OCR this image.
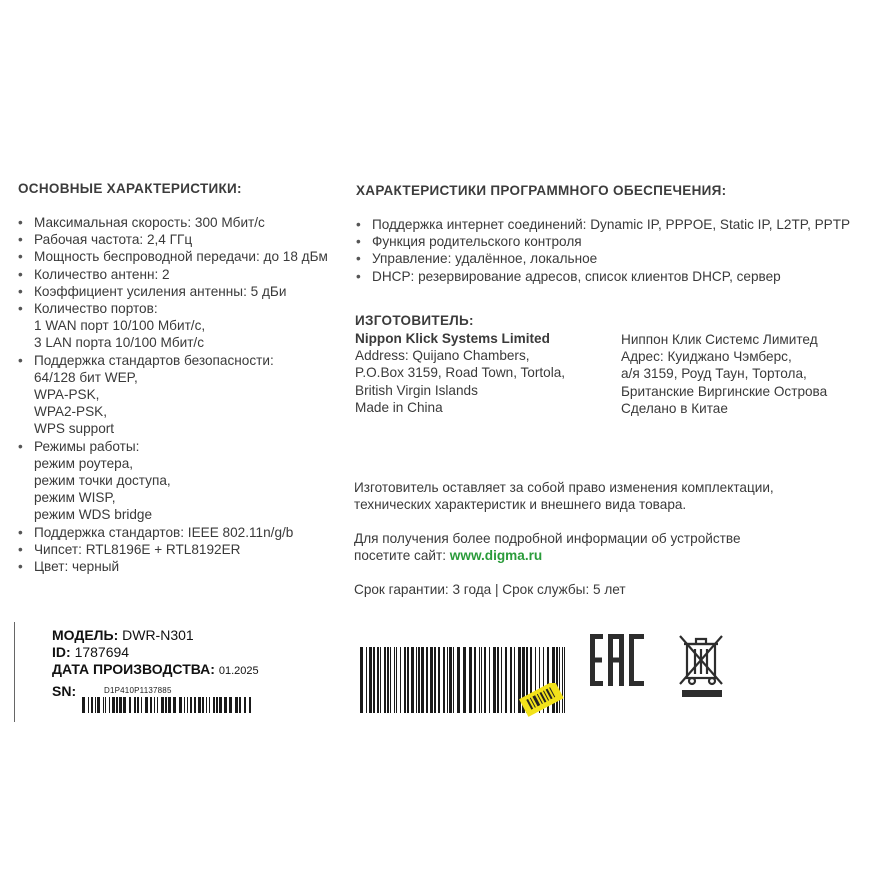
ОСНОВНЫЕ ХАРАКТЕРИСТИКИ:
• Максимальная скорость: 300 Мбит/с
• Рабочая частота: 2,4 ГГц
• Мощность беспроводной передачи: до 18 дБм
• Количество антенн: 2
• Коэффициент усиления антенны: 5 дБи
• Количество портов:
1 WAN порт 10/100 Мбит/с,
3 LAN порта 10/100 Мбит/с
• Поддержка стандартов безопасности:
64/128 бит WEP,
WPA-PSK,
WPA2-PSK,
WPS support
• Режимы работы:
режим роутера,
режим точки доступа,
режим WISP,
режим WDS bridge
• Поддержка стандартов: IEEE 802.11n/g/b
• Чипсет: RTL8196E + RTL8192ER
• Цвет: черный
ХАРАКТЕРИСТИКИ ПРОГРАММНОГО ОБЕСПЕЧЕНИЯ:
• Поддержка интернет соединений: Dynamic IP, PPPOE, Static IP, L2TP, PPTP
• Функция родительского контроля
• Управление: удалённое, локальное
• DHCP: резервирование адресов, список клиентов DHCP, сервер
ИЗГОТОВИТЕЛЬ:
Nippon Klick Systems Limited
Address: Quijano Chambers,
P.O.Box 3159, Road Town, Tortola,
British Virgin Islands
Made in China
Ниппон Клик Системс Лимитед
Адрес: Куиджано Чэмберс,
а/я 3159, Роуд Таун, Тортола,
Британские Виргинские Острова
Сделано в Китае
Изготовитель оставляет за собой право изменения комплектации,
технических характеристик и внешнего вида товара.
Для получения более подробной информации об устройстве
посетите сайт: www.digma.ru
Срок гарантии: 3 года | Срок службы: 5 лет
МОДЕЛЬ: DWR-N301
ID: 1787694
ДАТА ПРОИЗВОДСТВА: 01.2025
SN:	D1P410P1137885
